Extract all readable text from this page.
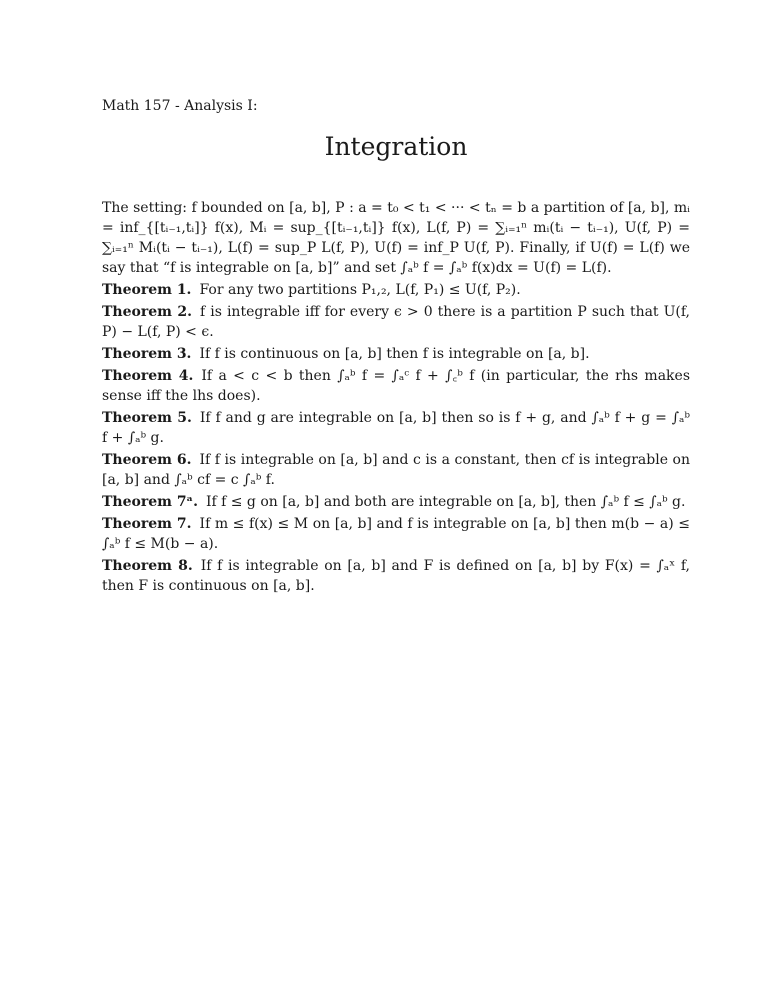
Math 157 - Analysis I:

Integration

The setting: f bounded on [a, b], P : a = t₀ < t₁ < ··· < tₙ = b a partition of [a, b], mᵢ = inf_{[tᵢ₋₁,tᵢ]} f(x), Mᵢ = sup_{[tᵢ₋₁,tᵢ]} f(x), L(f, P) = ∑ᵢ₌₁ⁿ mᵢ(tᵢ − tᵢ₋₁), U(f, P) = ∑ᵢ₌₁ⁿ Mᵢ(tᵢ − tᵢ₋₁), L(f) = sup_P L(f, P), U(f) = inf_P U(f, P). Finally, if U(f) = L(f) we say that “f is integrable on [a, b]” and set ∫ₐᵇ f = ∫ₐᵇ f(x)dx = U(f) = L(f).

Theorem 1. For any two partitions P₁,₂, L(f, P₁) ≤ U(f, P₂).

Theorem 2. f is integrable iff for every ϵ > 0 there is a partition P such that U(f, P) − L(f, P) < ϵ.

Theorem 3. If f is continuous on [a, b] then f is integrable on [a, b].

Theorem 4. If a < c < b then ∫ₐᵇ f = ∫ₐᶜ f + ∫꜀ᵇ f (in particular, the rhs makes sense iff the lhs does).

Theorem 5. If f and g are integrable on [a, b] then so is f + g, and ∫ₐᵇ f + g = ∫ₐᵇ f + ∫ₐᵇ g.

Theorem 6. If f is integrable on [a, b] and c is a constant, then cf is integrable on [a, b] and ∫ₐᵇ cf = c ∫ₐᵇ f.

Theorem 7ᵃ. If f ≤ g on [a, b] and both are integrable on [a, b], then ∫ₐᵇ f ≤ ∫ₐᵇ g.

Theorem 7. If m ≤ f(x) ≤ M on [a, b] and f is integrable on [a, b] then m(b − a) ≤ ∫ₐᵇ f ≤ M(b − a).

Theorem 8. If f is integrable on [a, b] and F is defined on [a, b] by F(x) = ∫ₐˣ f, then F is continuous on [a, b].
